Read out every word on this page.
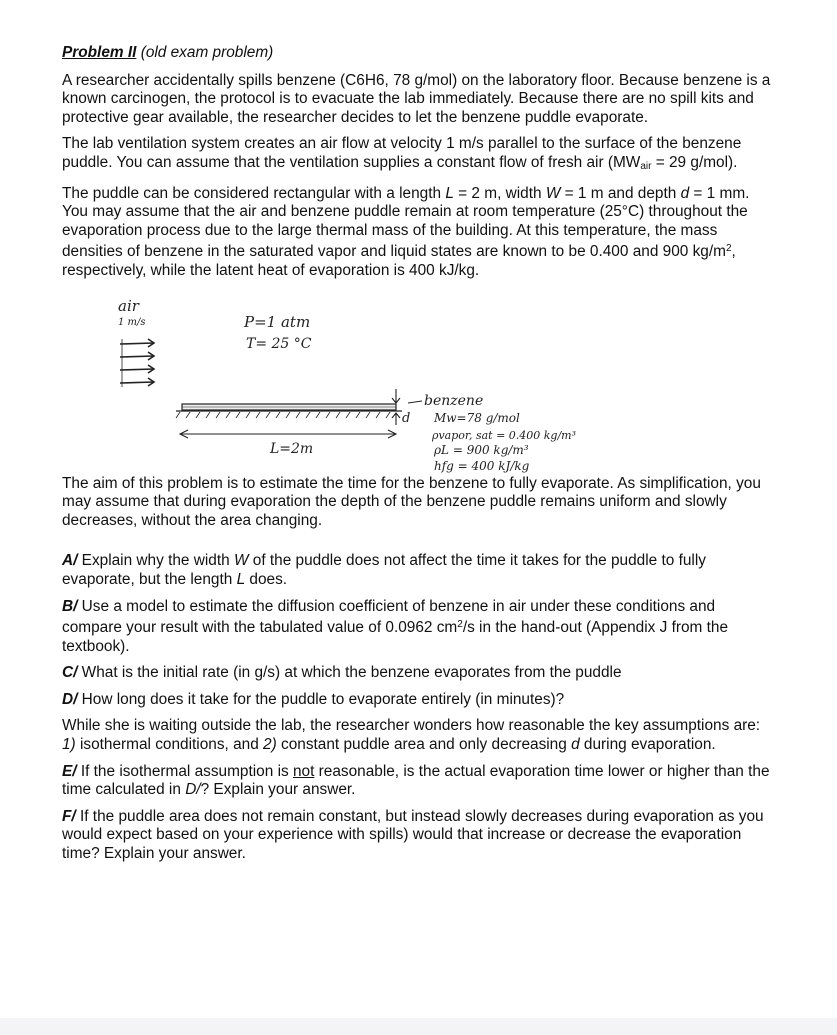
Problem II (old exam problem)

A researcher accidentally spills benzene (C6H6, 78 g/mol) on the laboratory floor. Because benzene is a known carcinogen, the protocol is to evacuate the lab immediately. Because there are no spill kits and protective gear available, the researcher decides to let the benzene puddle evaporate.

The lab ventilation system creates an air flow at velocity 1 m/s parallel to the surface of the benzene puddle. You can assume that the ventilation supplies a constant flow of fresh air ($MW_{air} = 29$ g/mol).

The puddle can be considered rectangular with a length L = 2 m, width W = 1 m and depth d = 1 mm. You may assume that the air and benzene puddle remain at room temperature (25°C) throughout the evaporation process due to the large thermal mass of the building. At this temperature, the mass densities of benzene in the saturated vapor and liquid states are known to be 0.400 and 900 $kg/m^2$, respectively, while the latent heat of evaporation is 400 kJ/kg.

air
1 m/s	P=1 atm
T= 25 °C
d
L=2m
benzene
Mw=78 g/mol
ρvapor, sat = 0.400 kg/m³
ρL = 900 kg/m³
hfg = 400 kJ/kg

The aim of this problem is to estimate the time for the benzene to fully evaporate. As simplification, you may assume that during evaporation the depth of the benzene puddle remains uniform and slowly decreases, without the area changing.

A/ Explain why the width W of the puddle does not affect the time it takes for the puddle to fully evaporate, but the length L does.

B/ Use a model to estimate the diffusion coefficient of benzene in air under these conditions and compare your result with the tabulated value of 0.0962 $cm^2/s$ in the hand-out (Appendix J from the textbook).

C/ What is the initial rate (in g/s) at which the benzene evaporates from the puddle

D/ How long does it take for the puddle to evaporate entirely (in minutes)?

While she is waiting outside the lab, the researcher wonders how reasonable the key assumptions are: 1) isothermal conditions, and 2) constant puddle area and only decreasing d during evaporation.

E/ If the isothermal assumption is not reasonable, is the actual evaporation time lower or higher than the time calculated in D/? Explain your answer.

F/ If the puddle area does not remain constant, but instead slowly decreases during evaporation as you would expect based on your experience with spills) would that increase or decrease the evaporation time? Explain your answer.
